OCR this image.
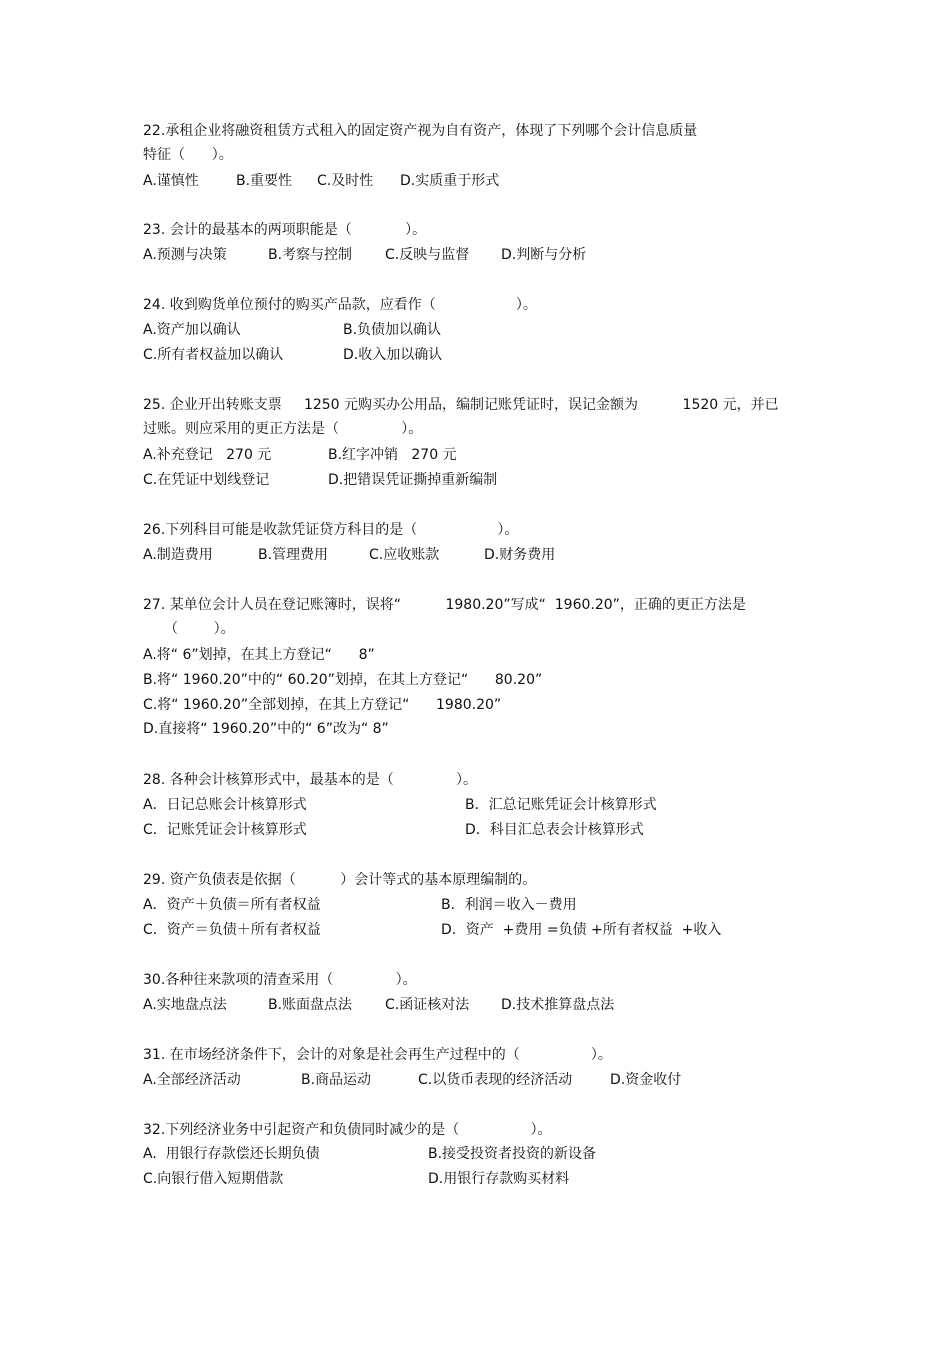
22.承租企业将融资租赁方式租入的固定资产视为自有资产，体现了下列哪个会计信息质量
特征（      ）。
A.谨慎性	B.重要性 C.及时性 D.实质重于形式
23. 会计的最基本的两项职能是（            ）。
A.预测与决策	B.考察与控制 C.反映与监督 D.判断与分析
24. 收到购货单位预付的购买产品款，应看作（                  ）。
A.资产加以确认	B.负债加以确认
C.所有者权益加以确认	D.收入加以确认
25. 企业开出转账支票     1250 元购买办公用品，编制记账凭证时，误记金额为          1520 元，并已
过账。则应采用的更正方法是（              ）。
A.补充登记   270 元	B.红字冲销   270 元
C.在凭证中划线登记	D.把错误凭证撕掉重新编制
26.下列科目可能是收款凭证贷方科目的是（                  ）。
A.制造费用	B.管理费用	C.应收账款	D.财务费用
27. 某单位会计人员在登记账簿时，误将“          1980.20”写成“  1960.20”，正确的更正方法是
（        ）。
A.将“ 6”划掉，在其上方登记“      8”
B.将“ 1960.20”中的“ 60.20”划掉，在其上方登记“      80.20”
C.将“ 1960.20”全部划掉，在其上方登记“      1980.20”
D.直接将“ 1960.20”中的“ 6”改为“ 8”
28. 各种会计核算形式中，最基本的是（              ）。
A．日记总账会计核算形式	B．汇总记账凭证会计核算形式
C．记账凭证会计核算形式	D．科目汇总表会计核算形式
29. 资产负债表是依据（          ）会计等式的基本原理编制的。
A．资产＋负债＝所有者权益	B．利润＝收入－费用
C．资产＝负债＋所有者权益	D．资产  +费用 =负债 +所有者权益  +收入
30.各种往来款项的清查采用（              ）。
A.实地盘点法	B.账面盘点法 C.函证核对法 D.技术推算盘点法
31. 在市场经济条件下，会计的对象是社会再生产过程中的（                ）。
A.全部经济活动	B.商品运动	C.以货币表现的经济活动	D.资金收付
32.下列经济业务中引起资产和负债同时减少的是（                ）。
A.  用银行存款偿还长期负债	B.接受投资者投资的新设备
C.向银行借入短期借款	D.用银行存款购买材料
